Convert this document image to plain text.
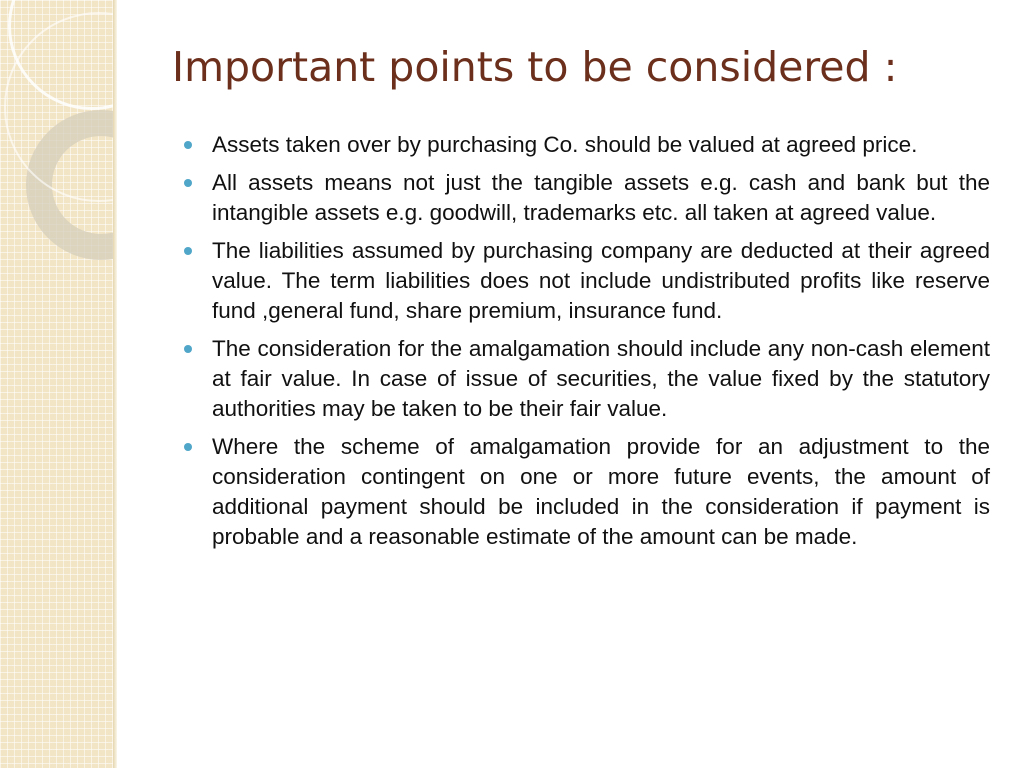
Important points to be considered :
Assets taken over by purchasing Co. should be valued at agreed price.
All assets means not just the tangible assets e.g. cash and bank but the intangible assets e.g. goodwill, trademarks etc. all taken at agreed value.
The liabilities assumed by purchasing company are deducted at their agreed value. The term liabilities does not include undistributed profits like reserve fund ,general fund, share premium, insurance fund.
The consideration for the amalgamation should include any non-cash element at fair value. In case of issue of securities, the value fixed by the statutory authorities may be taken to be their fair value.
Where the scheme of amalgamation provide for an adjustment to the consideration contingent on one or more future events, the amount of additional payment should be included in the consideration if payment is probable and a reasonable estimate of the amount can be made.
